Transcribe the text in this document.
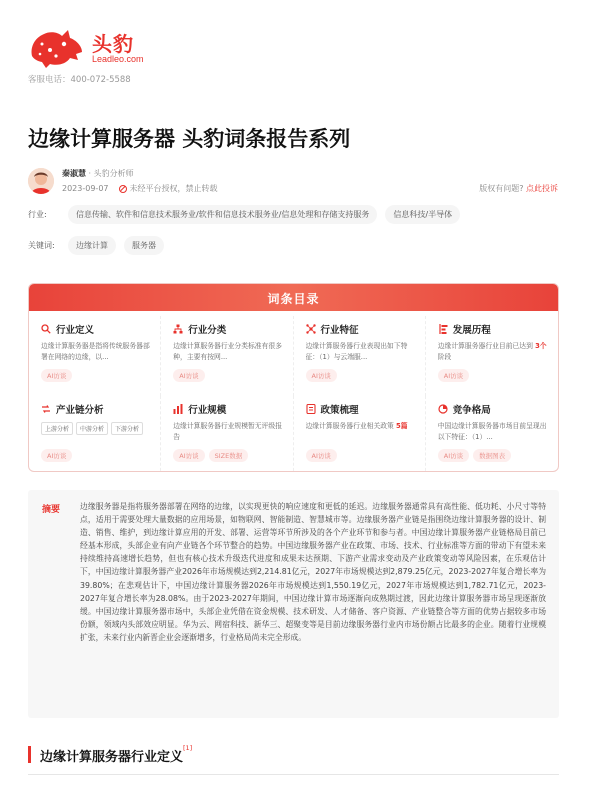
头豹
Leadleo.com
客服电话：400-072-5588
边缘计算服务器 头豹词条报告系列
秦淑慧 · 头豹分析师
2023-09-07	未经平台授权，禁止转载	版权有问题? 点此投诉
行业:	信息传输、软件和信息技术服务业/软件和信息技术服务业/信息处理和存储支持服务	信息科技/半导体
关键词:	边缘计算	服务器
词条目录
行业定义
边缘计算服务器是指将传统服务器部署在网络的边缘，以...
AI访谈
行业分类
边缘计算服务器行业分类标准有很多种，主要有按网...
AI访谈
行业特征
边缘计算服务器行业表现出如下特征：（1）与云端服...
AI访谈
发展历程
边缘计算服务器行业目前已达到 3个阶段
AI访谈
产业链分析
上游分析	中游分析	下游分析
AI访谈
行业规模
边缘计算服务器行业规模暂无评级报告
AI访谈	SIZE数据
政策梳理
边缘计算服务器行业相关政策 5篇
AI访谈
竞争格局
中国边缘计算服务器市场目前呈现出以下特征：（1）...
AI访谈	数据图表
摘要	边缘服务器是指将服务器部署在网络的边缘，以实现更快的响应速度和更低的延迟。边缘服务器通常具有高性能、低功耗、小尺寸等特点，适用于需要处理大量数据的应用场景，如物联网、智能制造、智慧城市等。边缘服务器产业链是指围绕边缘计算服务器的设计、制造、销售、维护，到边缘计算应用的开发、部署、运营等环节所涉及的各个产业环节和参与者。中国边缘计算服务器产业链格局目前已经基本形成，头部企业有向产业链各个环节整合的趋势。中国边缘服务器产业在政策、市场、技术、行业标准等方面的带动下有望未来持续维持高速增长趋势，但也有核心技术升级迭代进度和成果未达预期、下游产业需求变动及产业政策变动等风险因素，在乐观估计下，中国边缘计算服务器产业2026年市场规模达到2,214.81亿元，2027年市场规模达到2,879.25亿元，2023-2027年复合增长率为39.80%；在悲观估计下，中国边缘计算服务器2026年市场规模达到1,550.19亿元，2027年市场规模达到1,782.71亿元，2023-2027年复合增长率为28.08%。由于2023-2027年期间，中国边缘计算市场逐渐向成熟期过渡，因此边缘计算服务器市场呈现逐渐放缓。中国边缘计算服务器市场中，头部企业凭借在资金规模、技术研发、人才储备、客户资源、产业链整合等方面的优势占据较多市场份额，领域内头部效应明显。华为云、网宿科技、新华三、超聚变等是目前边缘服务器行业内市场份额占比最多的企业。随着行业规模扩张，未来行业内新晋企业会逐渐增多，行业格局尚未完全形成。
边缘计算服务器行业定义[1]
